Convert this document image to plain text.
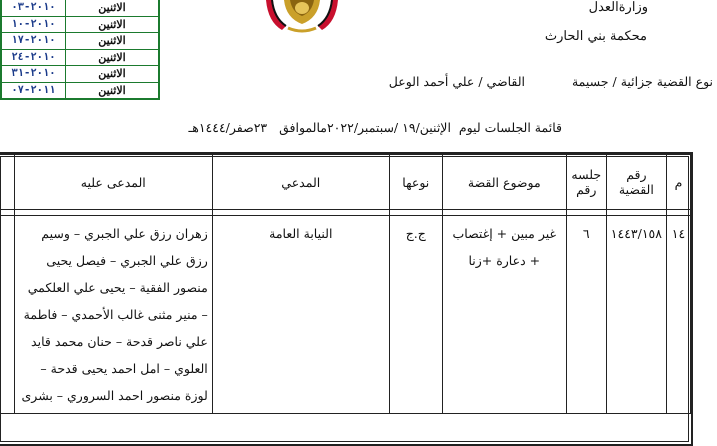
٢٠١٠-٠٣	الاثنين
٢٠١٠-١٠	الاثنين
٢٠١٠-١٧	الاثنين
٢٠١٠-٢٤	الاثنين
٢٠١٠-٣١	الاثنين
٢٠١١-٠٧	الاثنين
وزارةالعدل
محكمة بني الحارث
نوع القضية جزائية / جسيمة
القاضي / علي أحمد الوعل
قائمة الجلسات ليوم  الإثنين/١٩ /سبتمبر/٢٠٢٢مالموافق   ٢٣صفر/١٤٤٤هـ
م	رقم القضية	جلسه رقم	موضوع القضة	نوعها	المدعي	المدعى عليه	

١٤	١٤٤٣/١٥٨	٦	غير مبين + إغتصاب + دعارة +زنا	ج.ج	النيابة العامة	زهران رزق علي الجبري – وسيم رزق علي الجبري – فيصل يحيى منصور الفقية – يحيى علي العلكمي – منير مثنى غالب الأحمدي – فاطمة علي ناصر قدحة – حنان محمد قايد العلوي – امل احمد يحيى قدحة – لوزة منصور احمد السروري – بشرى	
